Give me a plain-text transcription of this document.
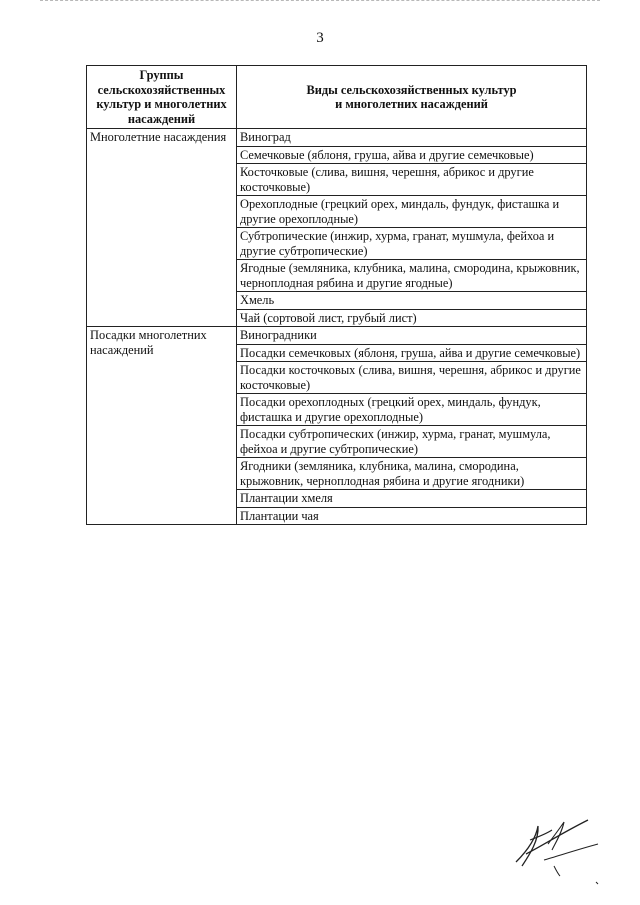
3
Группы сельскохозяйственных культур и многолетних насаждений	Виды сельскохозяйственных культур
и многолетних насаждений
Многолетние насаждения	Виноград
	Семечковые (яблоня, груша, айва и другие семечковые)
	Косточковые (слива, вишня, черешня, абрикос и другие косточковые)
	Орехоплодные (грецкий орех, миндаль, фундук, фисташка и другие орехоплодные)
	Субтропические (инжир, хурма, гранат, мушмула, фейхоа и другие субтропические)
	Ягодные (земляника, клубника, малина, смородина, крыжовник, черноплодная рябина и другие ягодные)
	Хмель
	Чай (сортовой лист, грубый лист)
Посадки многолетних насаждений	Виноградники
	Посадки семечковых (яблоня, груша, айва и другие семечковые)
	Посадки косточковых (слива, вишня, черешня, абрикос и другие косточковые)
	Посадки орехоплодных (грецкий орех, миндаль, фундук, фисташка и другие орехоплодные)
	Посадки субтропических (инжир, хурма, гранат, мушмула, фейхоа и другие субтропические)
	Ягодники (земляника, клубника, малина, смородина, крыжовник, черноплодная рябина и другие ягодники)
	Плантации хмеля
	Плантации чая
